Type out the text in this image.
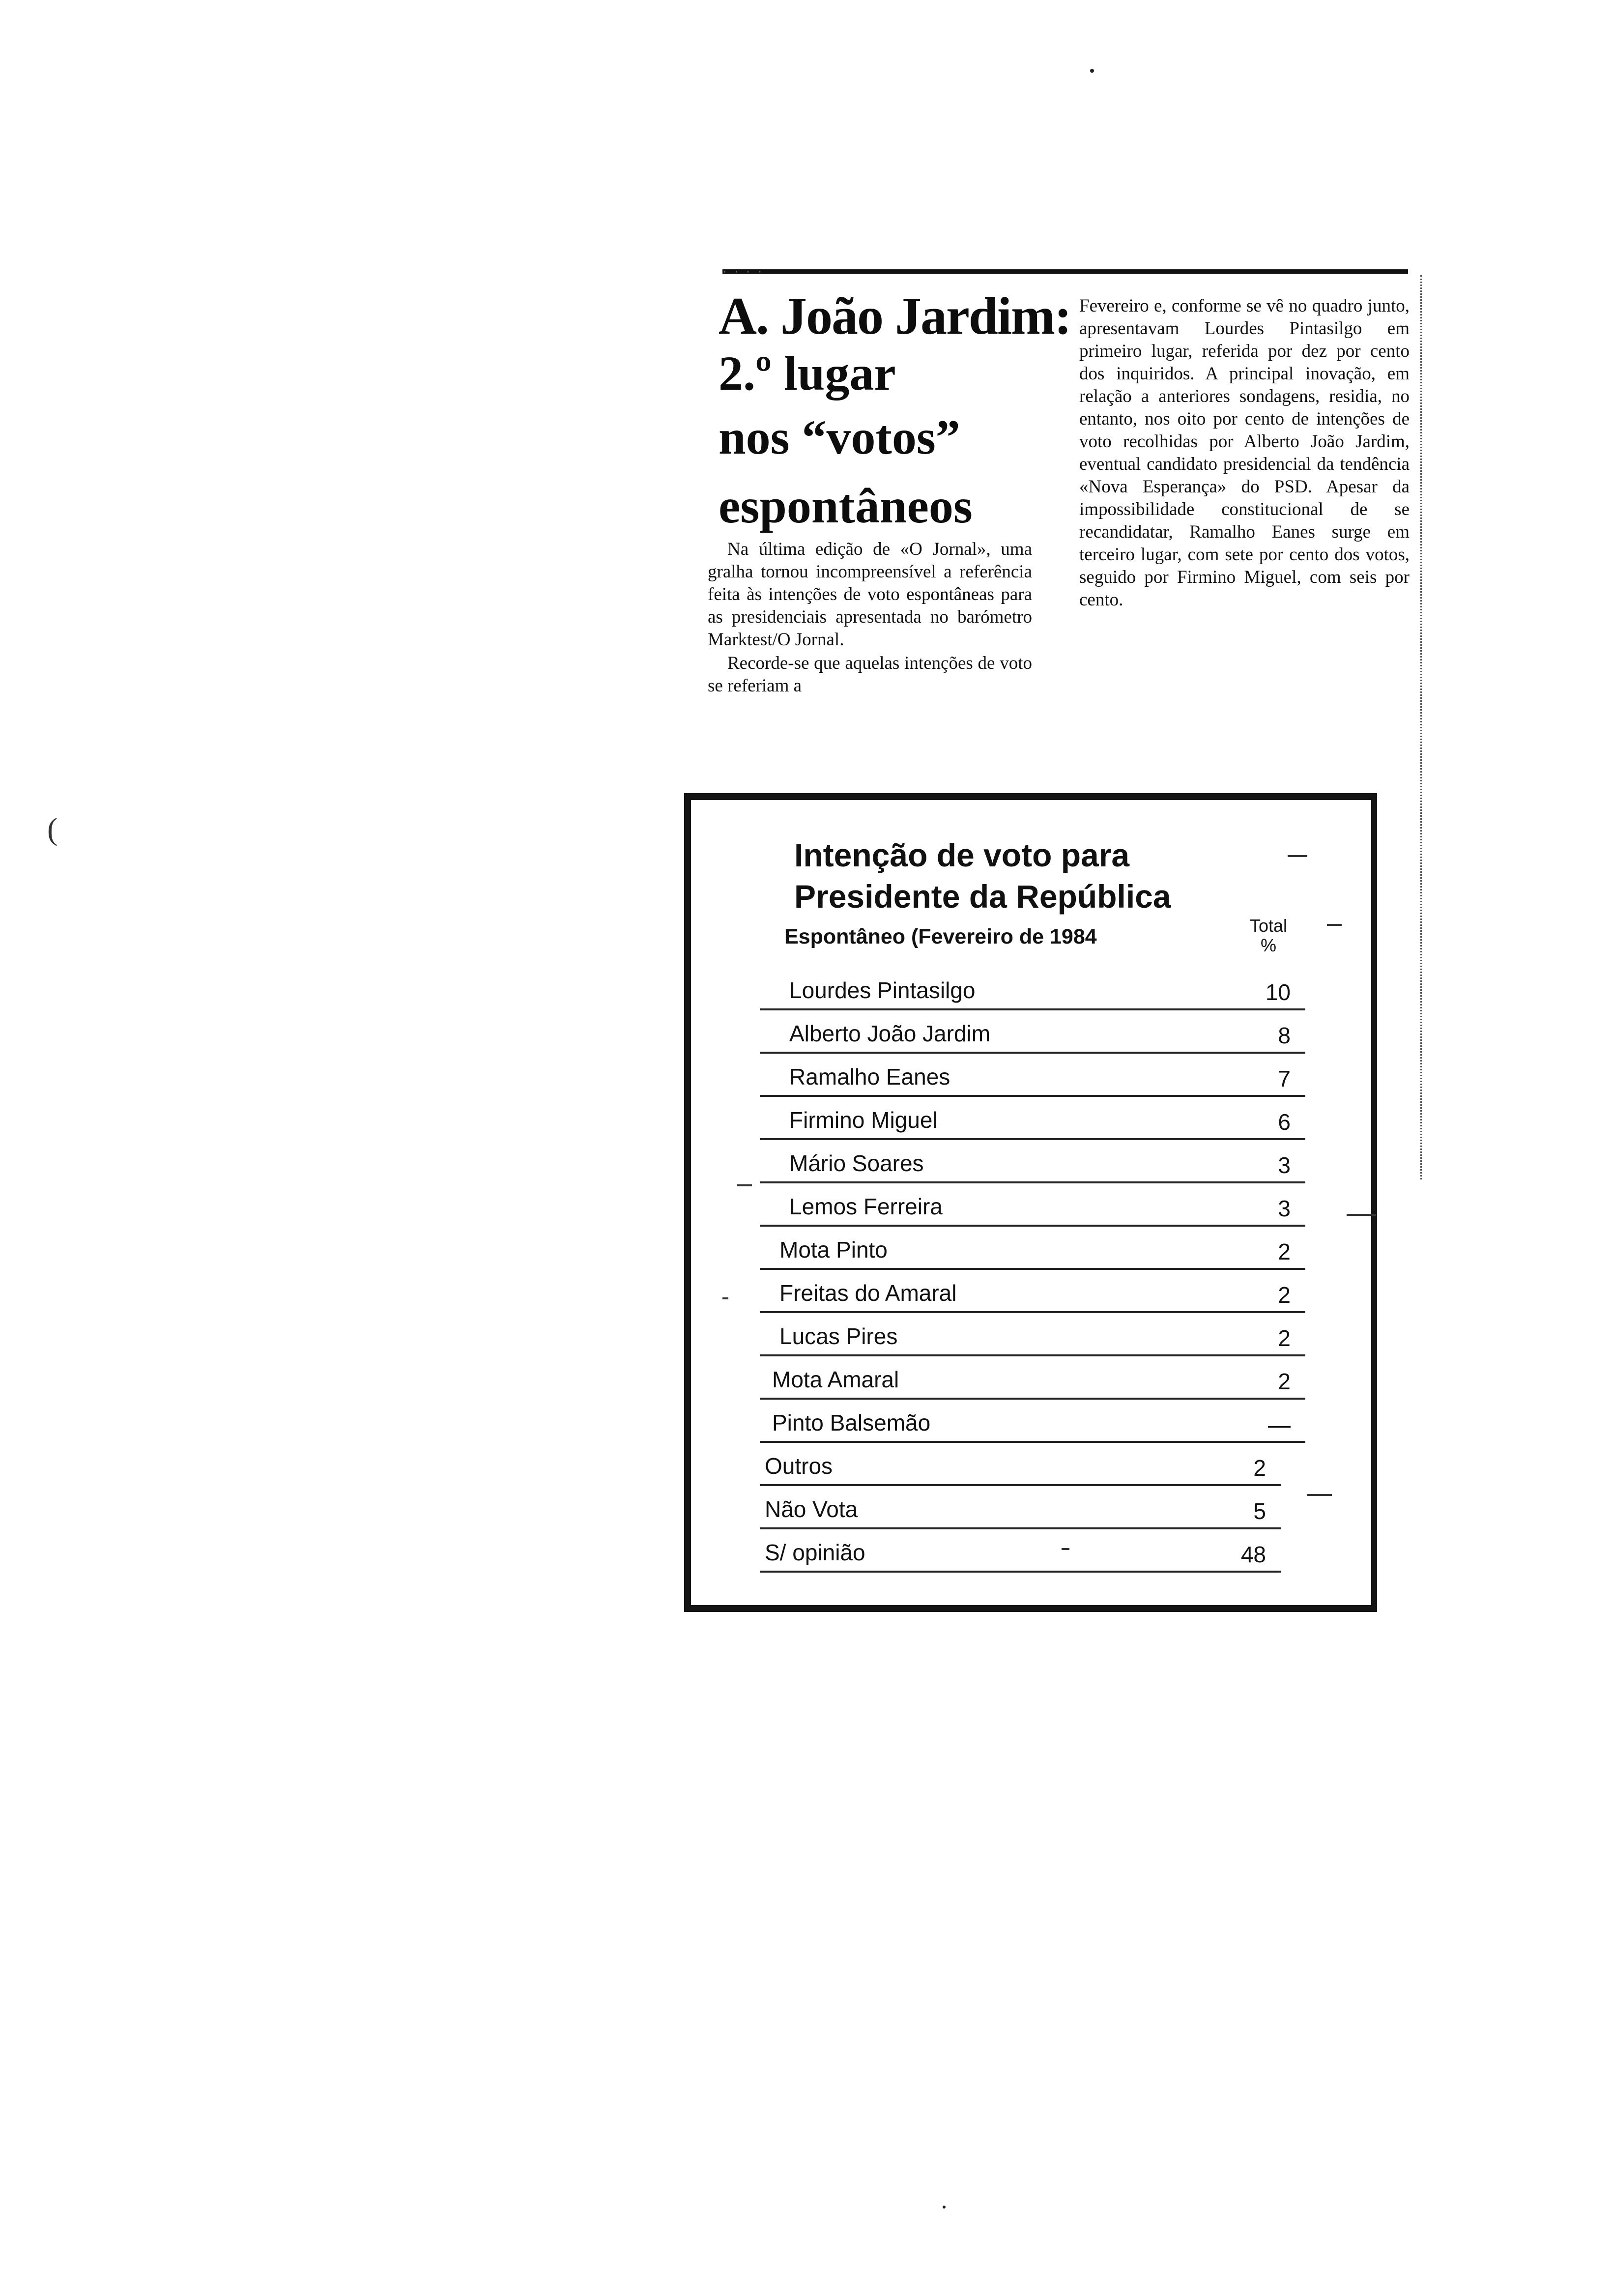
(
· · · ·
A. João Jardim:
2.º lugar
nos “votos”
espontâneos

Na última edição de «O Jornal», uma gralha tornou incompreensível a referência feita às intenções de voto espontâneas para as presidenciais apresentada no barómetro Marktest/O Jornal.

Recorde-se que aquelas intenções de voto se referiam a

Fevereiro e, conforme se vê no quadro junto, apresentavam Lourdes Pintasilgo em primeiro lugar, referida por dez por cento dos inquiridos. A principal inovação, em relação a anteriores sondagens, residia, no entanto, nos oito por cento de intenções de voto recolhidas por Alberto João Jardim, eventual candidato presidencial da tendência «Nova Esperança» do PSD. Apesar da impossibilidade constitucional de se recandidatar, Ramalho Eanes surge em terceiro lugar, com sete por cento dos votos, seguido por Firmino Miguel, com seis por cento.

Intenção de voto para
Presidente da República
Espontâneo (Fevereiro de 1984	Total
%
Lourdes Pintasilgo	10
Alberto João Jardim	8
Ramalho Eanes	7
Firmino Miguel	6
Mário Soares	3
Lemos Ferreira	3
Mota Pinto	2
Freitas do Amaral	2
Lucas Pires	2
Mota Amaral	2
Pinto Balsemão	—
Outros	2
Não Vota	5
S/ opinião	48
